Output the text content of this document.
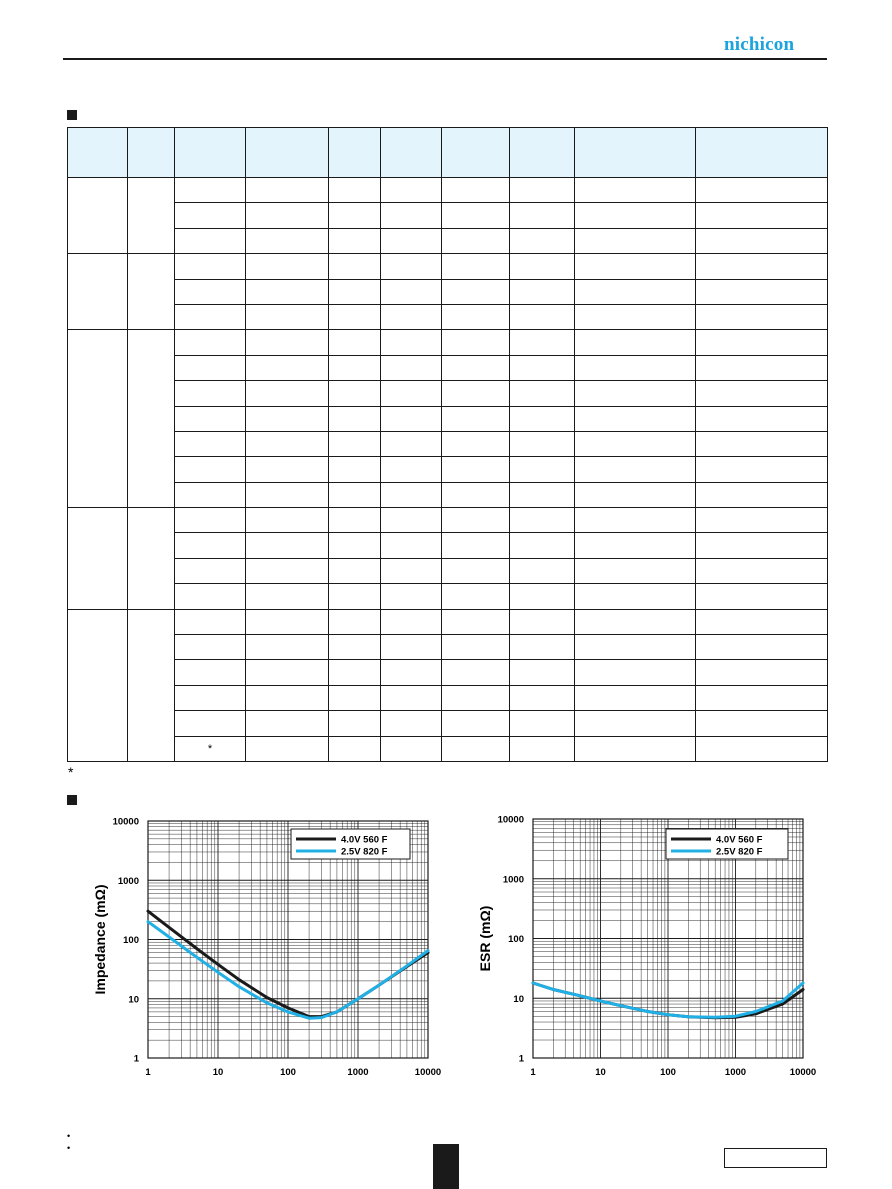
nichicon

		*							
*
1	10	100	1000	10000
1
10
100
1000
10000
Impedance (mΩ)
4.0V 560 F
2.5V 820 F
1	10	100	1000	10000
1
10
100
1000
10000
ESR (mΩ)
4.0V 560 F
2.5V 820 F
•
•
